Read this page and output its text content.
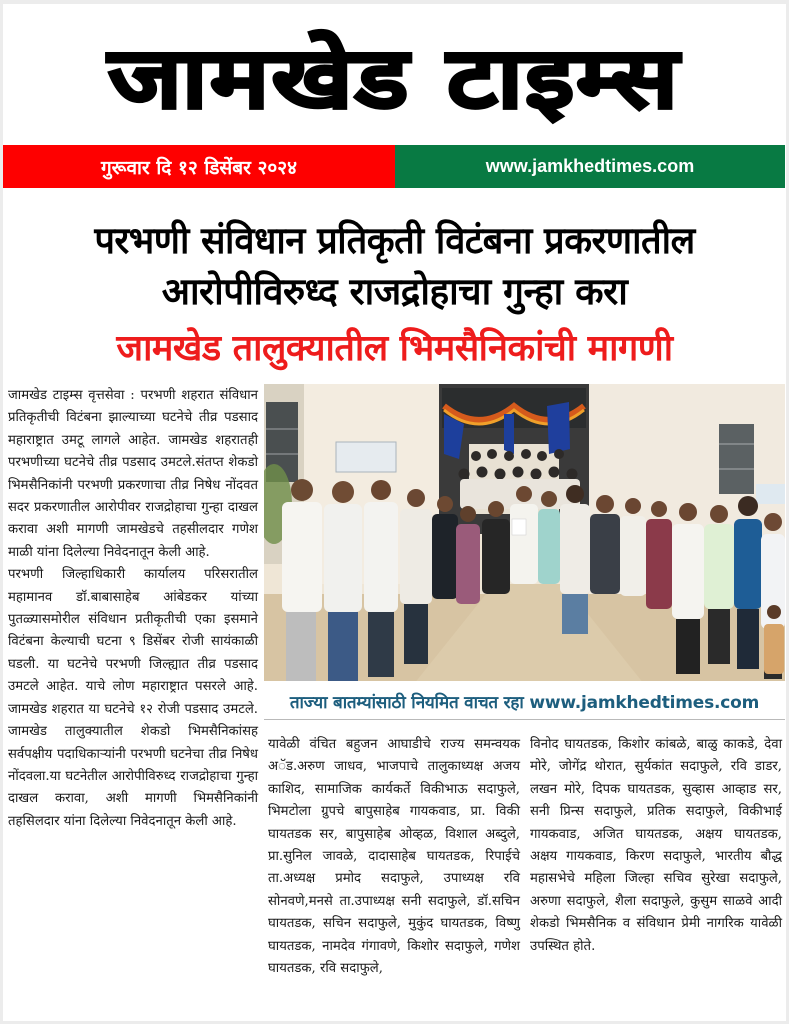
जामखेड टाइम्स
गुरूवार दि १२ डिसेंबर २०२४	www.jamkhedtimes.com
परभणी संविधान प्रतिकृती विटंबना प्रकरणातील
आरोपीविरुध्द राजद्रोहाचा गुन्हा करा
जामखेड तालुक्यातील भिमसैनिकांची मागणी

जामखेड टाइम्स वृत्तसेवा : परभणी शहरात संविधान प्रतिकृतीची विटंबना झाल्याच्या घटनेचे तीव्र पडसाद महाराष्ट्रात उमटू लागले आहेत. जामखेड शहरातही परभणीच्या घटनेचे तीव्र पडसाद उमटले.संतप्त शेकडो भिमसैनिकांनी परभणी प्रकरणाचा तीव्र निषेध नोंदवत सदर प्रकरणातील आरोपीवर राजद्रोहाचा गुन्हा दाखल करावा अशी मागणी जामखेडचे तहसीलदार गणेश माळी यांना दिलेल्या निवेदनातून केली आहे.

परभणी जिल्हाधिकारी कार्यालय परिसरातील महामानव डॉ.बाबासाहेब आंबेडकर यांच्या पुतळ्यासमोरील संविधान प्रतीकृतीची एका इसमाने विटंबना केल्याची घटना ९ डिसेंबर रोजी सायंकाळी घडली. या घटनेचे परभणी जिल्ह्यात तीव्र पडसाद उमटले आहेत. याचे लोण महाराष्ट्रात पसरले आहे. जामखेड शहरात या घटनेचे १२ रोजी पडसाद उमटले. जामखेड तालुक्यातील शेकडो भिमसैनिकांसह सर्वपक्षीय पदाधिकाऱ्यांनी परभणी घटनेचा तीव्र निषेध नोंदवला.या घटनेतील आरोपीविरुध्द राजद्रोहाचा गुन्हा दाखल करावा, अशी मागणी भिमसैनिकांनी तहसिलदार यांना दिलेल्या निवेदनातून केली आहे.

ताज्या बातम्यांसाठी नियमित वाचत रहा www.jamkhedtimes.com

यावेळी वंचित बहुजन आघाडीचे राज्य समन्वयक अॅड.अरुण जाधव, भाजपाचे तालुकाध्यक्ष अजय काशिद, सामाजिक कार्यकर्ते विकीभाऊ सदाफुले, भिमटोला ग्रुपचे बापुसाहेब गायकवाड, प्रा. विकी घायतडक सर, बापुसाहेब ओव्हळ, विशाल अब्दुले, प्रा.सुनिल जावळे, दादासाहेब घायतडक, रिपाईचे ता.अध्यक्ष प्रमोद सदाफुले, उपाध्यक्ष रवि सोनवणे,मनसे ता.उपाध्यक्ष सनी सदाफुले, डॉ.सचिन घायतडक, सचिन सदाफुले, मुकुंद घायतडक, विष्णु घायतडक, नामदेव गंगावणे, किशोर सदाफुले, गणेश घायतडक, रवि सदाफुले,

विनोद घायतडक, किशोर कांबळे, बाळु काकडे, देवा मोरे, जोगेंद्र थोरात, सुर्यकांत सदाफुले, रवि डाडर, लखन मोरे, दिपक घायतडक, सुव्हास आव्हाड सर, सनी प्रिन्स सदाफुले, प्रतिक सदाफुले, विकीभाई गायकवाड, अजित घायतडक, अक्षय घायतडक, अक्षय गायकवाड, किरण सदाफुले, भारतीय बौद्ध महासभेचे महिला जिल्हा सचिव सुरेखा सदाफुले, अरुणा सदाफुले, शैला सदाफुले, कुसुम साळवे आदी शेकडो भिमसैनिक व संविधान प्रेमी नागरिक यावेळी उपस्थित होते.
